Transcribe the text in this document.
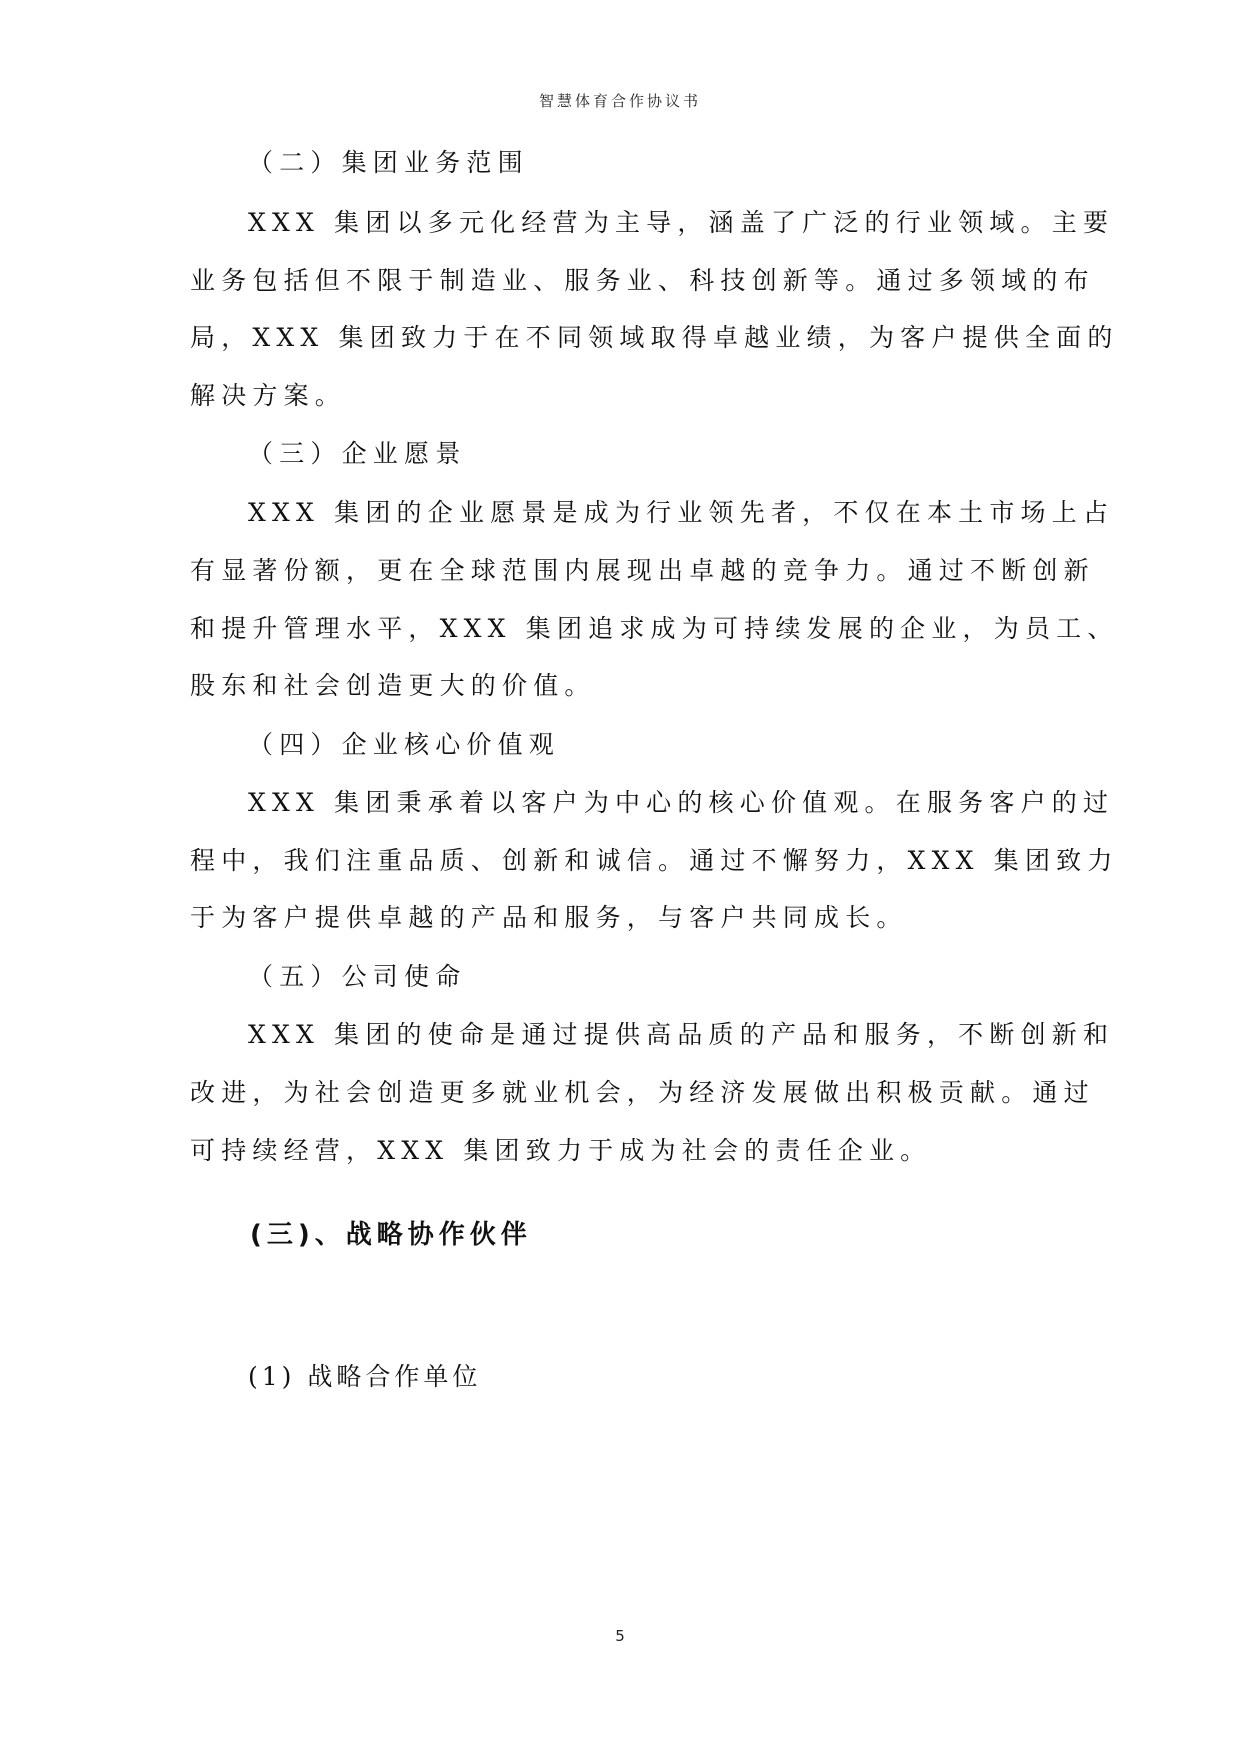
智慧体育合作协议书
（二）集团业务范围
XXX 集团以多元化经营为主导，涵盖了广泛的行业领域。主要
业务包括但不限于制造业、服务业、科技创新等。通过多领域的布
局，XXX 集团致力于在不同领域取得卓越业绩，为客户提供全面的
解决方案。
（三）企业愿景
XXX 集团的企业愿景是成为行业领先者，不仅在本土市场上占
有显著份额，更在全球范围内展现出卓越的竞争力。通过不断创新
和提升管理水平，XXX 集团追求成为可持续发展的企业，为员工、
股东和社会创造更大的价值。
（四）企业核心价值观
XXX 集团秉承着以客户为中心的核心价值观。在服务客户的过
程中，我们注重品质、创新和诚信。通过不懈努力，XXX 集团致力
于为客户提供卓越的产品和服务，与客户共同成长。
（五）公司使命
XXX 集团的使命是通过提供高品质的产品和服务，不断创新和
改进，为社会创造更多就业机会，为经济发展做出积极贡献。通过
可持续经营，XXX 集团致力于成为社会的责任企业。
(三)、战略协作伙伴
(1) 战略合作单位
5
